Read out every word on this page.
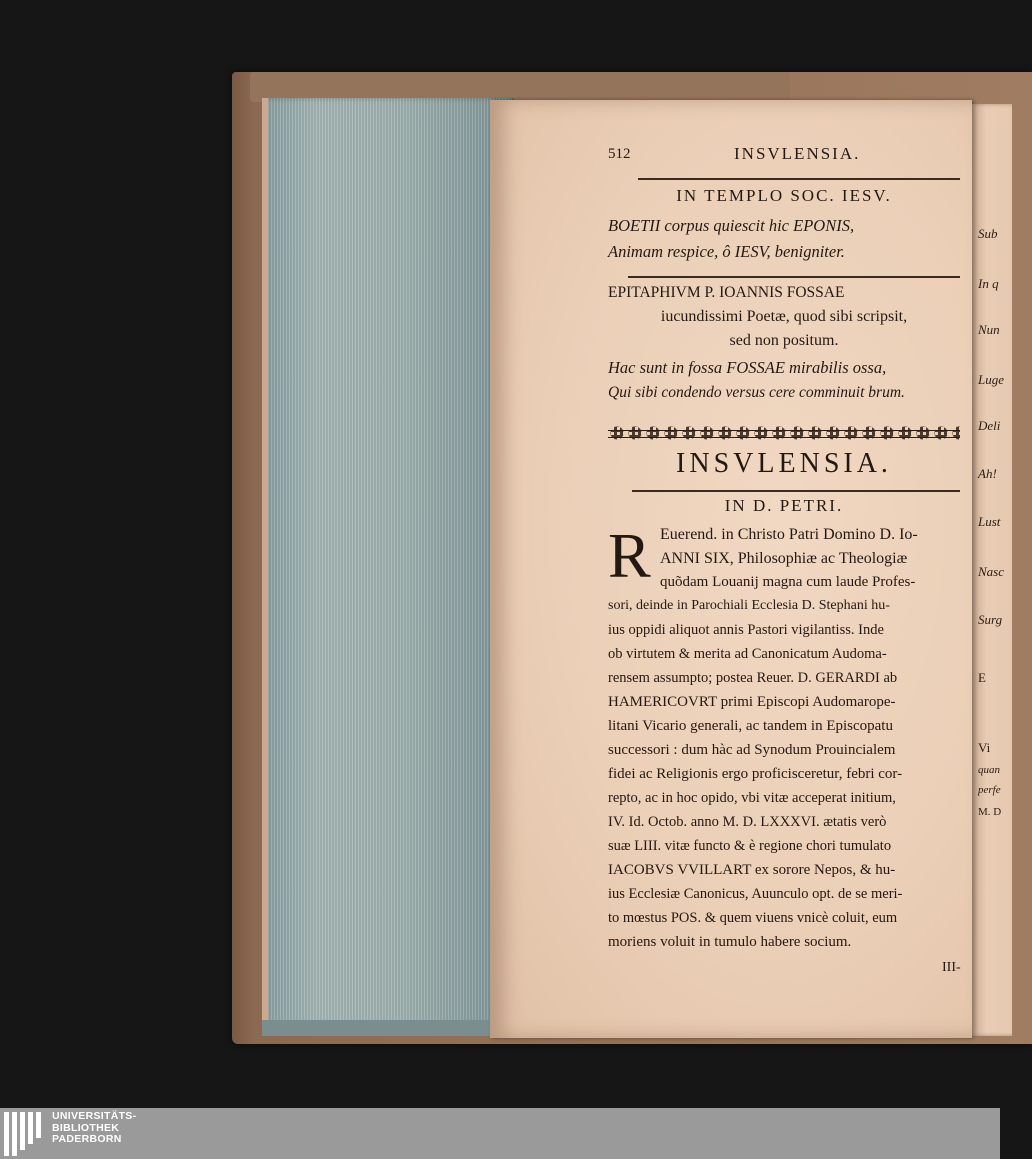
Sub
In q
Nun
Luge
Deli
Ah!
Lust
Nasc
Surg
E
Vi
quan
perfe
M. D
512	INSVLENSIA.
IN TEMPLO SOC. IESV.
BOETII corpus quiescit hic EPONIS,
Animam respice, ô IESV, benigniter.
EPITAPHIVM P. IOANNIS FOSSAE
iucundissimi Poetæ, quod sibi scripsit,
sed non positum.
Hac sunt in fossa FOSSAE mirabilis ossa,
Qui sibi condendo versus cere comminuit brum.
INSVLENSIA.
IN D. PETRI.
R Euerend. in Christo Patri Domino D. Io-
ANNI SIX, Philosophiæ ac Theologiæ
quõdam Louanij magna cum laude Profes-
sori, deinde in Parochiali Ecclesia D. Stephani hu-
ius oppidi aliquot annis Pastori vigilantiss. Inde
ob virtutem & merita ad Canonicatum Audoma-
rensem assumpto; postea Reuer. D. GERARDI ab
HAMERICOVRT primi Episcopi Audomarope-
litani Vicario generali, ac tandem in Episcopatu
successori : dum hàc ad Synodum Prouincialem
fidei ac Religionis ergo proficisceretur, febri cor-
repto, ac in hoc opido, vbi vitæ acceperat initium,
IV. Id. Octob. anno M. D. LXXXVI. ætatis verò
suæ LIII. vitæ functo & è regione chori tumulato
IACOBVS VVILLART ex sorore Nepos, & hu-
ius Ecclesiæ Canonicus, Auunculo opt. de se meri-
to mœstus POS. & quem viuens vnicè coluit, eum
moriens voluit in tumulo habere socium.
III-
UNIVERSITÄTS-
BIBLIOTHEK
PADERBORN
